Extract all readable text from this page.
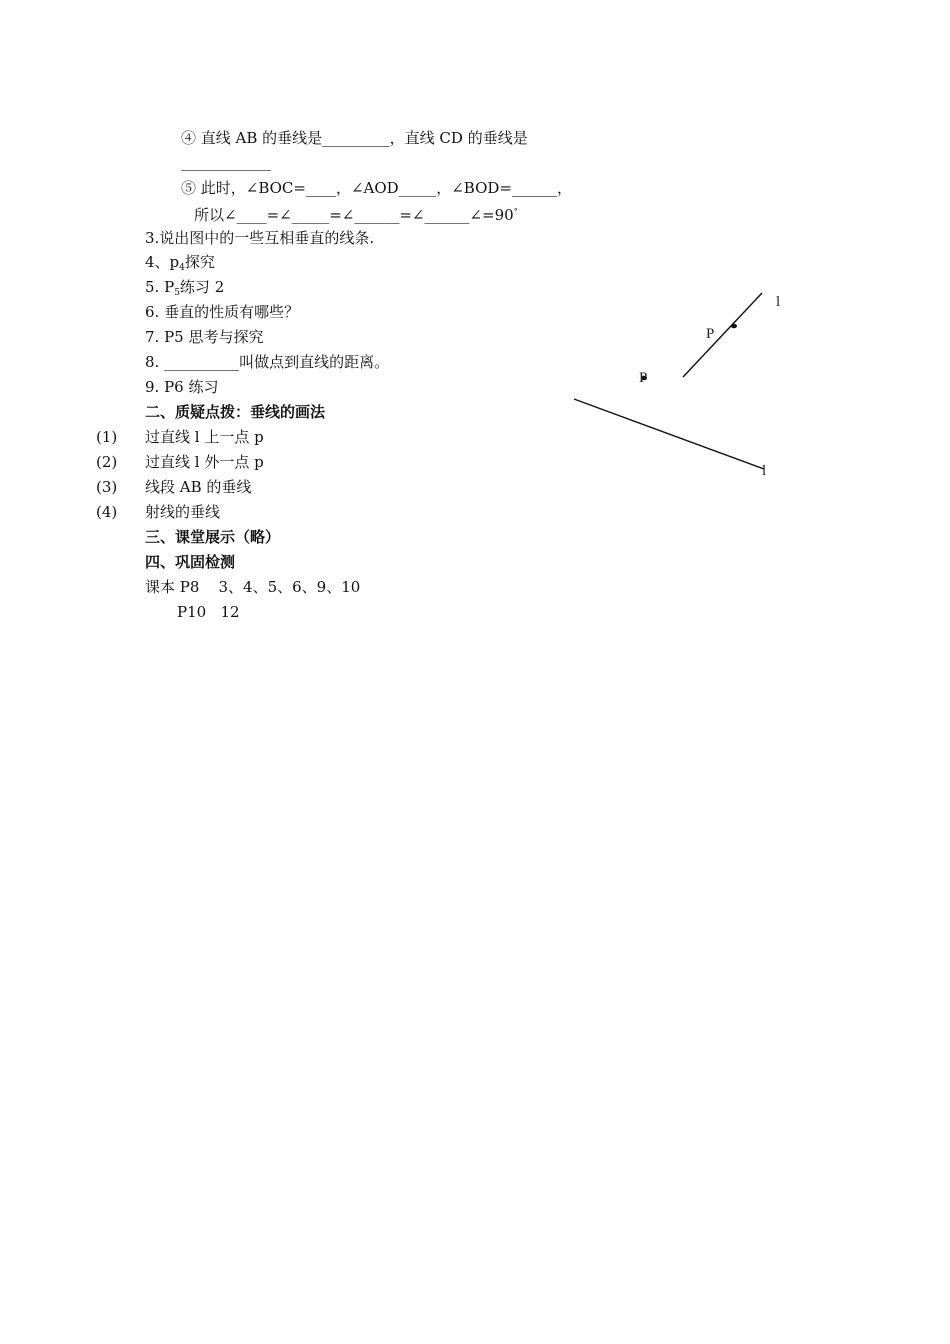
④ 直线 AB 的垂线是_________，直线 CD 的垂线是
____________
⑤ 此时，∠BOC=____，∠AOD_____，∠BOD=______，
所以∠____=∠_____=∠______=∠______∠=90°
3.说出图中的一些互相垂直的线条.
4、$p_4$探究
5. $P_5$练习 2
6. 垂直的性质有哪些？
7. P5 思考与探究
8. __________叫做点到直线的距离。
9. P6 练习
二、质疑点拨：垂线的画法
(1) 过直线 l 上一点 p
(2) 过直线 l 外一点 p
(3) 线段 AB 的垂线
(4) 射线的垂线
三、课堂展示（略）
四、巩固检测
课本 P8    3、4、5、6、9、10
P10   12
l
P
P
l
